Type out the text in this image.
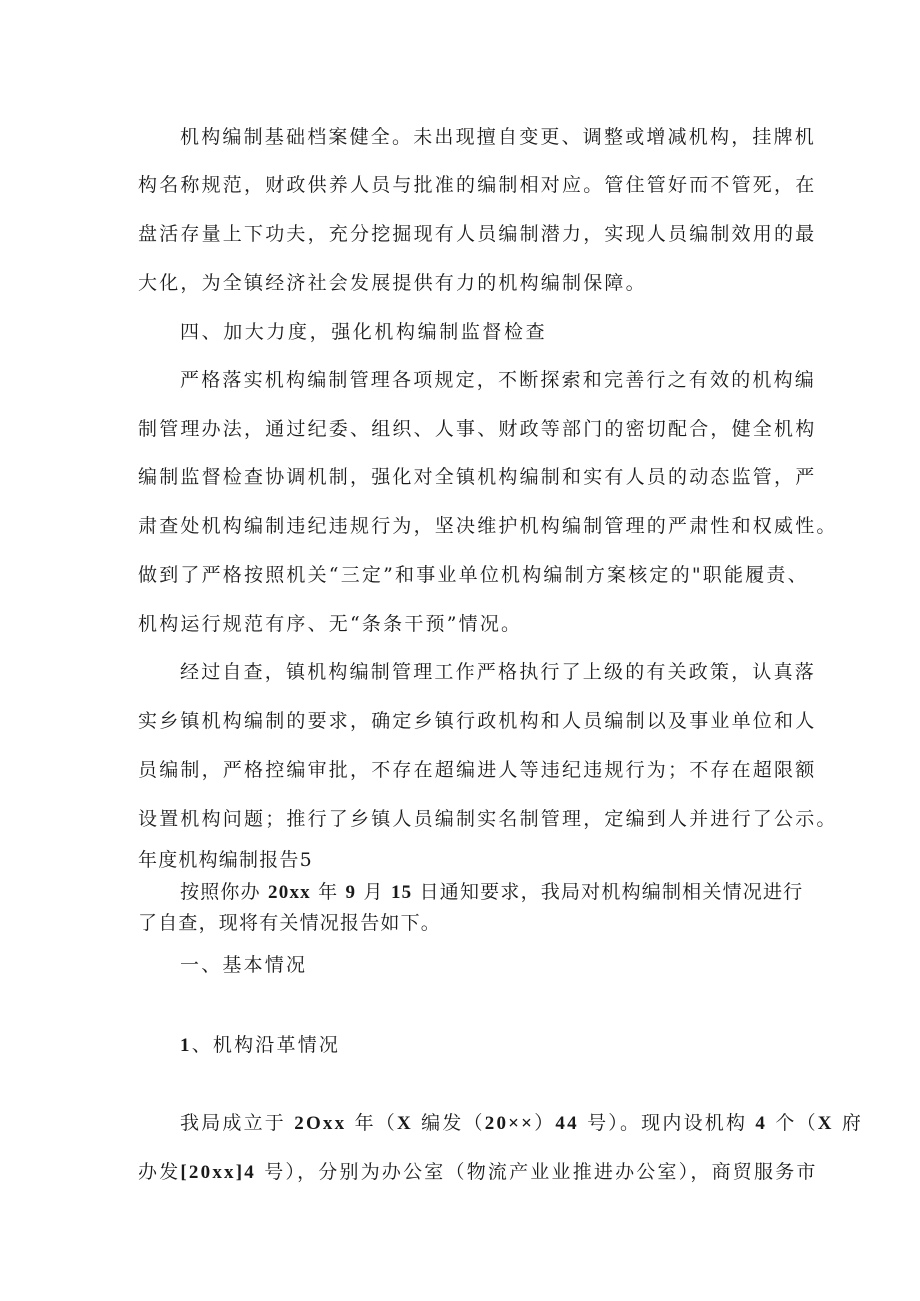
机构编制基础档案健全。未出现擅自变更、调整或增减机构，挂牌机

构名称规范，财政供养人员与批准的编制相对应。管住管好而不管死，在

盘活存量上下功夫，充分挖掘现有人员编制潜力，实现人员编制效用的最

大化，为全镇经济社会发展提供有力的机构编制保障。

四、加大力度，强化机构编制监督检查

严格落实机构编制管理各项规定，不断探索和完善行之有效的机构编

制管理办法，通过纪委、组织、人事、财政等部门的密切配合，健全机构

编制监督检查协调机制，强化对全镇机构编制和实有人员的动态监管，严

肃查处机构编制违纪违规行为，坚决维护机构编制管理的严肃性和权威性。

做到了严格按照机关“三定”和事业单位机构编制方案核定的"职能履责、

机构运行规范有序、无“条条干预”情况。

经过自查，镇机构编制管理工作严格执行了上级的有关政策，认真落

实乡镇机构编制的要求，确定乡镇行政机构和人员编制以及事业单位和人

员编制，严格控编审批，不存在超编进人等违纪违规行为；不存在超限额

设置机构问题；推行了乡镇人员编制实名制管理，定编到人并进行了公示。

年度机构编制报告5

按照你办 20xx 年 9 月 15 日通知要求，我局对机构编制相关情况进行

了自查，现将有关情况报告如下。

一、基本情况

1、机构沿革情况

我局成立于 2Oxx 年（X 编发（20××）44 号）。现内设机构 4 个（X 府

办发[20xx]4 号），分别为办公室（物流产业业推进办公室），商贸服务市
